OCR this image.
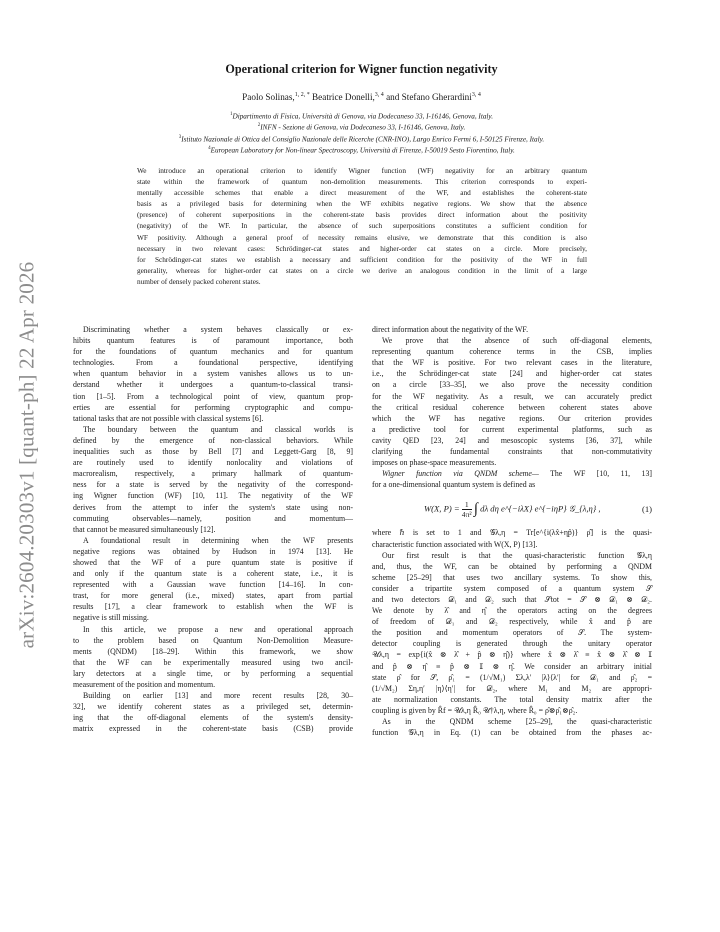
arXiv:2604.20303v1 [quant-ph] 22 Apr 2026
Operational criterion for Wigner function negativity
Paolo Solinas,$^{1, 2, *}$ Beatrice Donelli,$^{3, 4}$ and Stefano Gherardini$^{3, 4}$
$^1$Dipartimento di Fisica, Università di Genova, via Dodecaneso 33, I-16146, Genova, Italy.
$^2$INFN - Sezione di Genova, via Dodecaneso 33, I-16146, Genova, Italy.
$^3$Istituto Nazionale di Ottica del Consiglio Nazionale delle Ricerche (CNR-INO), Largo Enrico Fermi 6, I-50125 Firenze, Italy.
$^4$European Laboratory for Non-linear Spectroscopy, Università di Firenze, I-50019 Sesto Fiorentino, Italy.
We introduce an operational criterion to identify Wigner function (WF) negativity for an arbitrary quantum
state within the framework of quantum non-demolition measurements. This criterion corresponds to experi-
mentally accessible schemes that enable a direct measurement of the WF, and establishes the coherent-state
basis as a privileged basis for determining when the WF exhibits negative regions. We show that the absence
(presence) of coherent superpositions in the coherent-state basis provides direct information about the positivity
(negativity) of the WF. In particular, the absence of such superpositions constitutes a sufficient condition for
WF positivity. Although a general proof of necessity remains elusive, we demonstrate that this condition is also
necessary in two relevant cases: Schrödinger-cat states and higher-order cat states on a circle. More precisely,
for Schrödinger-cat states we establish a necessary and sufficient condition for the positivity of the WF in full
generality, whereas for higher-order cat states on a circle we derive an analogous condition in the limit of a large
number of densely packed coherent states.
Discriminating whether a system behaves classically or ex-
hibits quantum features is of paramount importance, both
for the foundations of quantum mechanics and for quantum
technologies. From a foundational perspective, identifying
when quantum behavior in a system vanishes allows us to un-
derstand whether it undergoes a quantum-to-classical transi-
tion [1–5]. From a technological point of view, quantum prop-
erties are essential for performing cryptographic and compu-
tational tasks that are not possible with classical systems [6].
The boundary between the quantum and classical worlds is
defined by the emergence of non-classical behaviors. While
inequalities such as those by Bell [7] and Leggett-Garg [8, 9]
are routinely used to identify nonlocality and violations of
macrorealism, respectively, a primary hallmark of quantum-
ness for a state is served by the negativity of the correspond-
ing Wigner function (WF) [10, 11]. The negativity of the WF
derives from the attempt to infer the system's state using non-
commuting observables—namely, position and momentum—
that cannot be measured simultaneously [12].
A foundational result in determining when the WF presents
negative regions was obtained by Hudson in 1974 [13]. He
showed that the WF of a pure quantum state is positive if
and only if the quantum state is a coherent state, i.e., it is
represented with a Gaussian wave function [14–16]. In con-
trast, for more general (i.e., mixed) states, apart from partial
results [17], a clear framework to establish when the WF is
negative is still missing.
In this article, we propose a new and operational approach
to the problem based on Quantum Non-Demolition Measure-
ments (QNDM) [18–29]. Within this framework, we show
that the WF can be experimentally measured using two ancil-
lary detectors at a single time, or by performing a sequential
measurement of the position and momentum.
Building on earlier [13] and more recent results [28, 30–
32], we identify coherent states as a privileged set, determin-
ing that the off-diagonal elements of the system's density-
matrix expressed in the coherent-state basis (CSB) provide
direct information about the negativity of the WF.
We prove that the absence of such off-diagonal elements,
representing quantum coherence terms in the CSB, implies
that the WF is positive. For two relevant cases in the literature,
i.e., the Schrödinger-cat state [24] and higher-order cat states
on a circle [33–35], we also prove the necessity condition
for the WF negativity. As a result, we can accurately predict
the critical residual coherence between coherent states above
which the WF has negative regions. Our criterion provides
a predictive tool for current experimental platforms, such as
cavity QED [23, 24] and mesoscopic systems [36, 37], while
clarifying the fundamental constraints that non-commutativity
imposes on phase-space measurements.
Wigner function via QNDM scheme— The WF [10, 11, 13]
for a one-dimensional quantum system is defined as
W(X, $P) = \frac{1}{\text{4π²}}$ ∫ dλ dη e^{−iλX} e^{−iηP} 𝒢_{λ,η} ,	(1)
where ℏ is set to 1 and 𝒢λ,η = Tr[e^{i(λx̂+ηp̂)} ρ̂] is the quasi-
characteristic function associated with W(X, P) [13].
Our first result is that the quasi-characteristic function 𝒢λ,η
and, thus, the WF, can be obtained by performing a QNDM
scheme [25–29] that uses two ancillary systems. To show this,
consider a tripartite system composed of a quantum system 𝒮
and two detectors 𝒟₁ and 𝒟₂ such that 𝒮tot = 𝒮 ⊗ 𝒟₁ ⊗ 𝒟₂.
We denote by λ̂ and η̂ the operators acting on the degrees
of freedom of 𝒟₁ and 𝒟₂ respectively, while x̂ and p̂ are
the position and momentum operators of 𝒮. The system-
detector coupling is generated through the unitary operator
𝒰λ,η = exp{i(x̂ ⊗ λ̂ + p̂ ⊗ η̂)} where x̂ ⊗ λ̂ ≡ x̂ ⊗ λ̂ ⊗ 𝕀
and p̂ ⊗ η̂ ≡ p̂ ⊗ 𝕀 ⊗ η̂. We consider an arbitrary initial
state ρ̂ for 𝒮, ρ̂₁ = (1/√M₁) Σλ,λ′ |λ⟩⟨λ′| for 𝒟₁ and ρ̂₂ =
(1/√M₂) Ση,η′ |η⟩⟨η′| for 𝒟₂, where M₁ and M₂ are appropri-
ate normalization constants. The total density matrix after the
coupling is given by R̂f = 𝒰λ,η R̂₀ 𝒰†λ,η, where R̂₀ = ρ̂⊗ρ̂₁⊗ρ̂₂.
As in the QNDM scheme [25–29], the quasi-characteristic
function 𝒢λ,η in Eq. (1) can be obtained from the phases ac-
